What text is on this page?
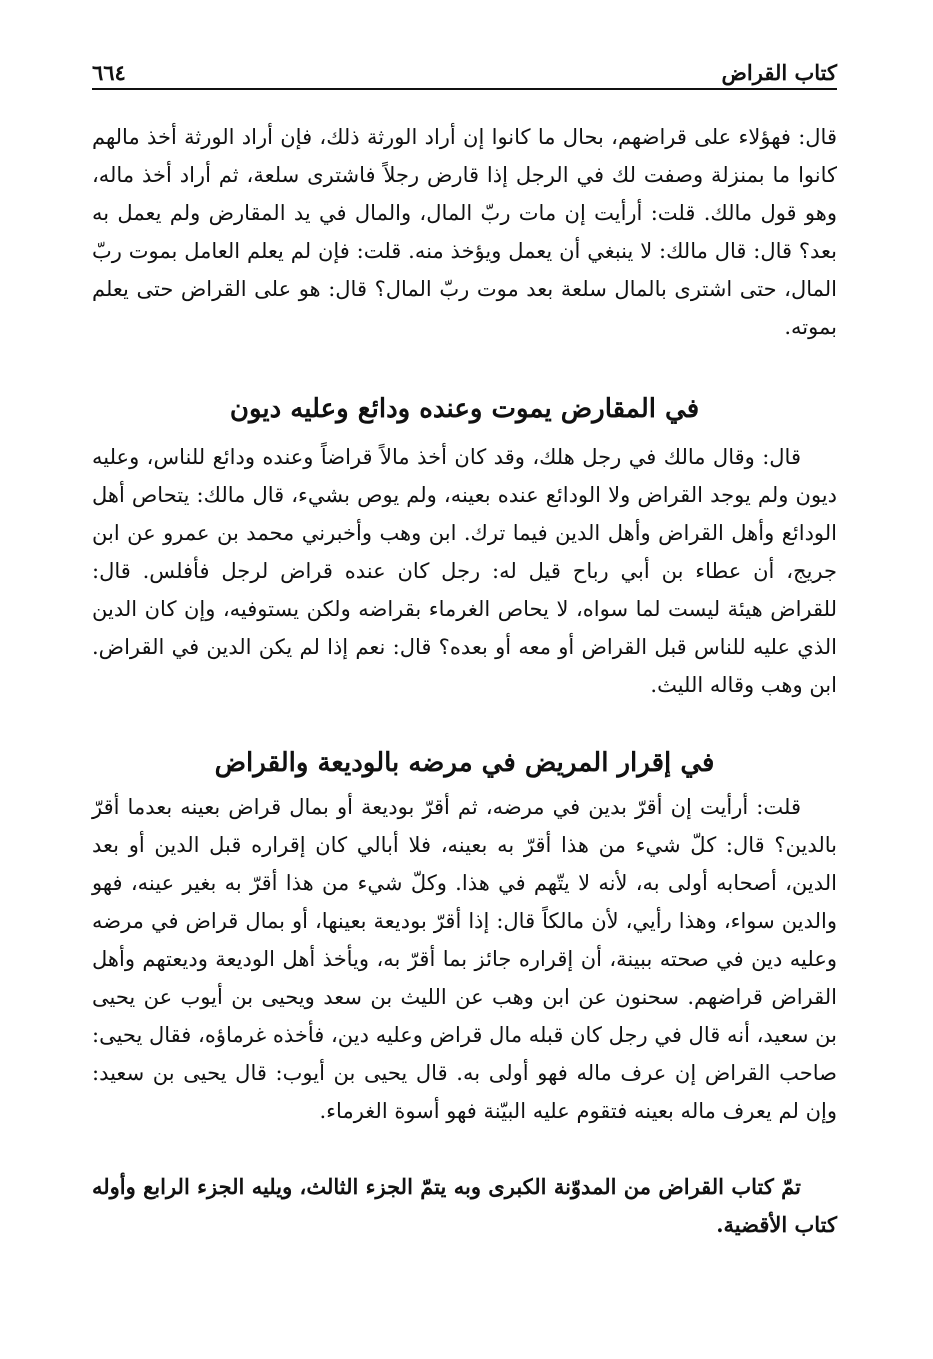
كتاب القراض
٦٦٤

قال: فهؤلاء على قراضهم، بحال ما كانوا إن أراد الورثة ذلك، فإن أراد الورثة أخذ مالهم كانوا ما بمنزلة وصفت لك في الرجل إذا قارض رجلاً فاشترى سلعة، ثم أراد أخذ ماله، وهو قول مالك. قلت: أرأيت إن مات ربّ المال، والمال في يد المقارض ولم يعمل به بعد؟ قال: قال مالك: لا ينبغي أن يعمل ويؤخذ منه. قلت: فإن لم يعلم العامل بموت ربّ المال، حتى اشترى بالمال سلعة بعد موت ربّ المال؟ قال: هو على القراض حتى يعلم بموته.

في المقارض يموت وعنده ودائع وعليه ديون

قال: وقال مالك في رجل هلك، وقد كان أخذ مالاً قراضاً وعنده ودائع للناس، وعليه ديون ولم يوجد القراض ولا الودائع عنده بعينه، ولم يوص بشيء، قال مالك: يتحاص أهل الودائع وأهل القراض وأهل الدين فيما ترك. ابن وهب وأخبرني محمد بن عمرو عن ابن جريج، أن عطاء بن أبي رباح قيل له: رجل كان عنده قراض لرجل فأفلس. قال: للقراض هيئة ليست لما سواه، لا يحاص الغرماء بقراضه ولكن يستوفيه، وإن كان الدين الذي عليه للناس قبل القراض أو معه أو بعده؟ قال: نعم إذا لم يكن الدين في القراض. ابن وهب وقاله الليث.

في إقرار المريض في مرضه بالوديعة والقراض

قلت: أرأيت إن أقرّ بدين في مرضه، ثم أقرّ بوديعة أو بمال قراض بعينه بعدما أقرّ بالدين؟ قال: كلّ شيء من هذا أقرّ به بعينه، فلا أبالي كان إقراره قبل الدين أو بعد الدين، أصحابه أولى به، لأنه لا يتّهم في هذا. وكلّ شيء من هذا أقرّ به بغير عينه، فهو والدين سواء، وهذا رأيي، لأن مالكاً قال: إذا أقرّ بوديعة بعينها، أو بمال قراض في مرضه وعليه دين في صحته ببينة، أن إقراره جائز بما أقرّ به، ويأخذ أهل الوديعة وديعتهم وأهل القراض قراضهم. سحنون عن ابن وهب عن الليث بن سعد ويحيى بن أيوب عن يحيى بن سعيد، أنه قال في رجل كان قبله مال قراض وعليه دين، فأخذه غرماؤه، فقال يحيى: صاحب القراض إن عرف ماله فهو أولى به. قال يحيى بن أيوب: قال يحيى بن سعيد: وإن لم يعرف ماله بعينه فتقوم عليه البيّنة فهو أسوة الغرماء.

تمّ كتاب القراض من المدوّنة الكبرى وبه يتمّ الجزء الثالث، ويليه الجزء الرابع وأوله كتاب الأقضية.
